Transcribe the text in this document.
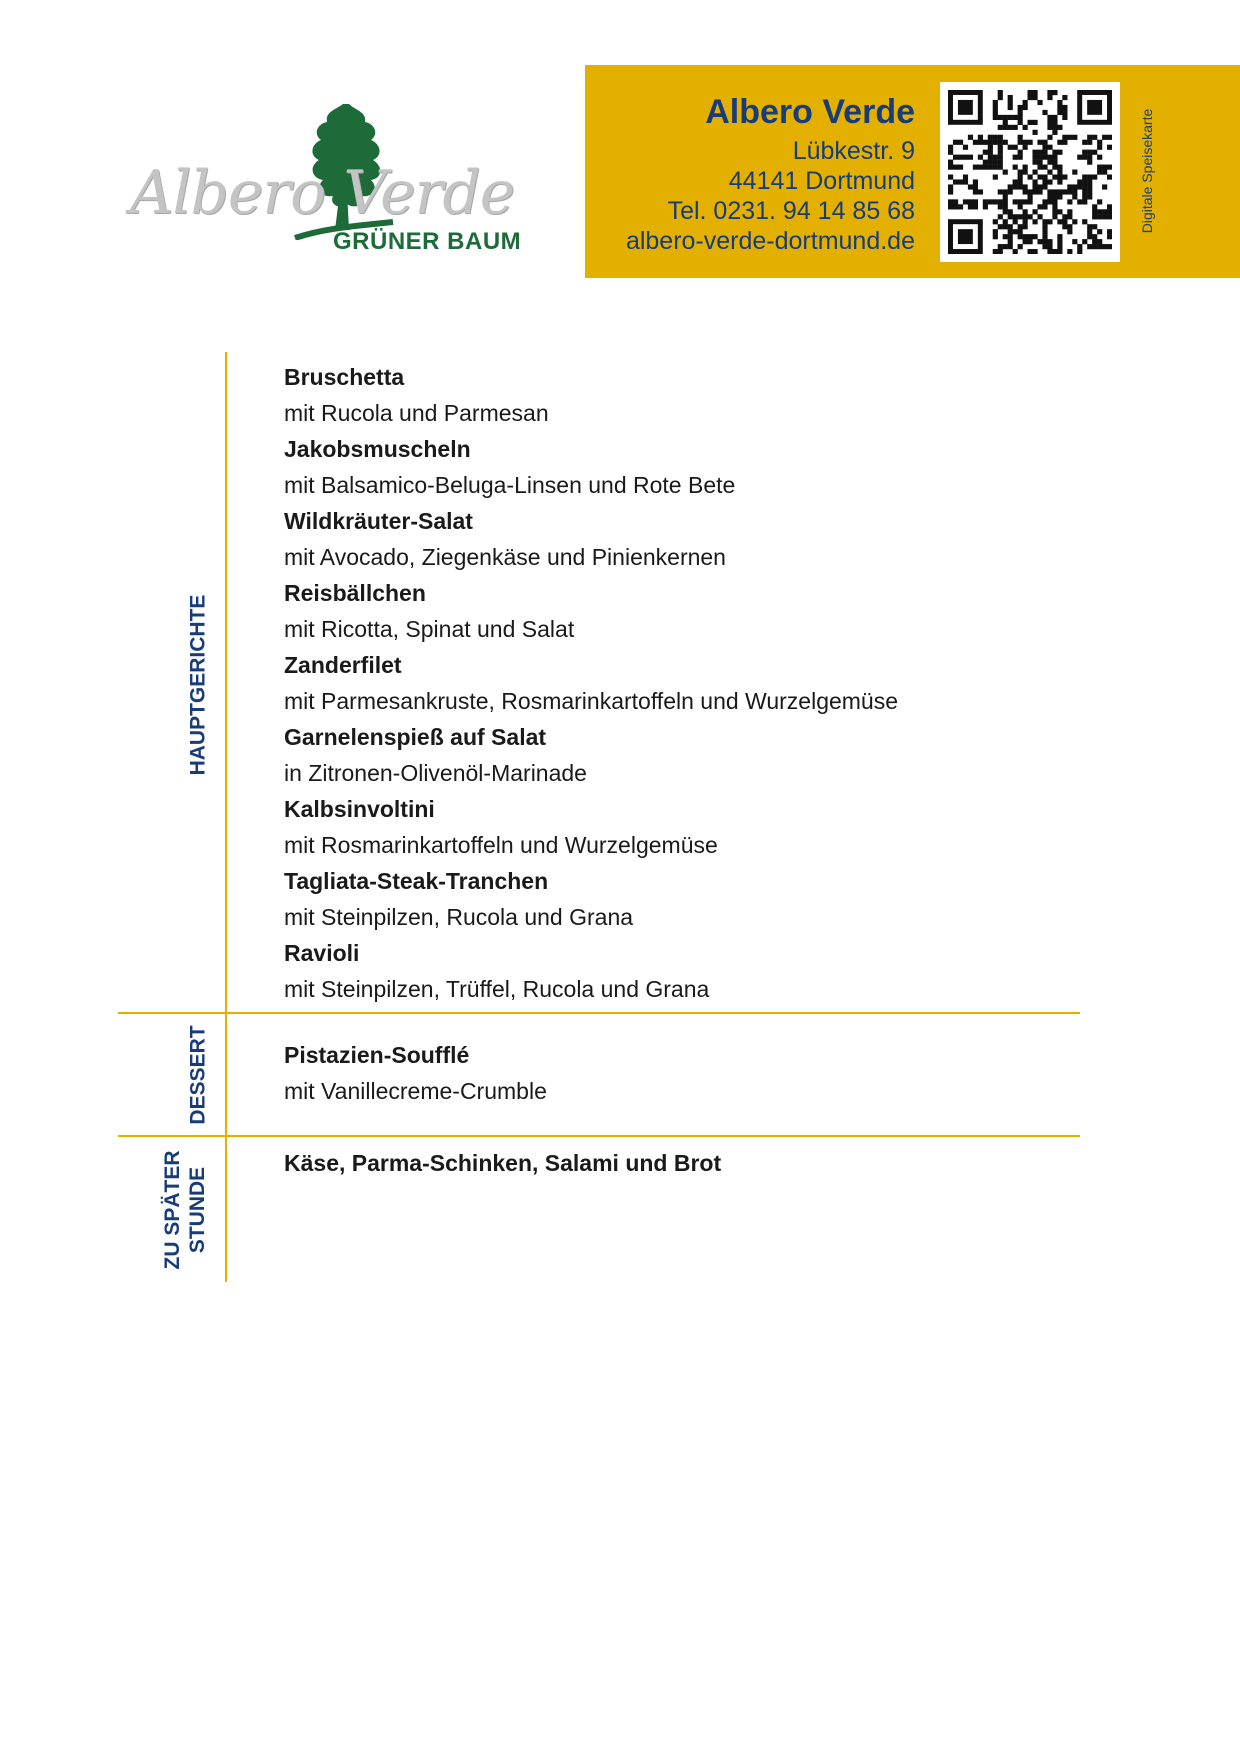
Albero Verde
GRÜNER BAUM
Albero Verde
Lübkestr. 9
44141 Dortmund
Tel. 0231. 94 14 85 68
albero-verde-dortmund.de
Digitale Speisekarte
HAUPTGERICHTE
DESSERT
ZU SPÄTER STUNDE
Bruschetta
mit Rucola und Parmesan
Jakobsmuscheln
mit Balsamico-Beluga-Linsen und Rote Bete
Wildkräuter-Salat
mit Avocado, Ziegenkäse und Pinienkernen
Reisbällchen
mit Ricotta, Spinat und Salat
Zanderfilet
mit Parmesankruste, Rosmarinkartoffeln und Wurzelgemüse
Garnelenspieß auf Salat
in Zitronen-Olivenöl-Marinade
Kalbsinvoltini
mit Rosmarinkartoffeln und Wurzelgemüse
Tagliata-Steak-Tranchen
mit Steinpilzen, Rucola und Grana
Ravioli
mit Steinpilzen, Trüffel, Rucola und Grana
Pistazien-Soufflé
mit Vanillecreme-Crumble
Käse, Parma-Schinken, Salami und Brot
